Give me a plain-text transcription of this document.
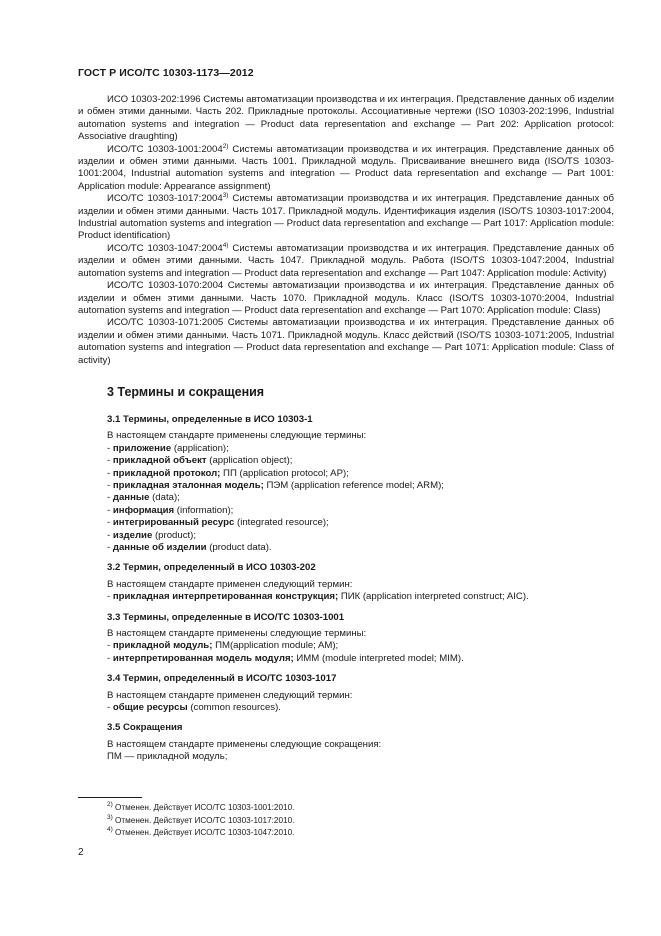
ГОСТ Р ИСО/ТС 10303-1173—2012

ИСО 10303-202:1996 Системы автоматизации производства и их интеграция. Представление данных об изделии и обмен этими данными. Часть 202. Прикладные протоколы. Ассоциативные чертежи (ISO 10303-202:1996, Industrial automation systems and integration — Product data representation and exchange — Part 202: Application protocol: Associative draughting)

ИСО/ТС 10303-1001:2004$^{2)}$ Системы автоматизации производства и их интеграция. Представление данных об изделии и обмен этими данными. Часть 1001. Прикладной модуль. Присваивание внешнего вида (ISO/TS 10303-1001:2004, Industrial automation systems and integration — Product data representation and exchange — Part 1001: Application module: Appearance assignment)

ИСО/ТС 10303-1017:2004$^{3)}$ Системы автоматизации производства и их интеграция. Представление данных об изделии и обмен этими данными. Часть 1017. Прикладной модуль. Идентификация изделия (ISO/TS 10303-1017:2004, Industrial automation systems and integration — Product data representation and exchange — Part 1017: Application module: Product identification)

ИСО/ТС 10303-1047:2004$^{4)}$ Системы автоматизации производства и их интеграция. Представление данных об изделии и обмен этими данными. Часть 1047. Прикладной модуль. Работа (ISO/TS 10303-1047:2004, Industrial automation systems and integration — Product data representation and exchange — Part 1047: Application module: Activity)

ИСО/ТС 10303-1070:2004 Системы автоматизации производства и их интеграция. Представление данных об изделии и обмен этими данными. Часть 1070. Прикладной модуль. Класс (ISO/TS 10303-1070:2004, Industrial automation systems and integration — Product data representation and exchange — Part 1070: Application module: Class)

ИСО/ТС 10303-1071:2005 Системы автоматизации производства и их интеграция. Представление данных об изделии и обмен этими данными. Часть 1071. Прикладной модуль. Класс действий (ISO/TS 10303-1071:2005, Industrial automation systems and integration — Product data representation and exchange — Part 1071: Application module: Class of activity)

3 Термины и сокращения
3.1 Термины, определенные в ИСО 10303-1

В настоящем стандарте применены следующие термины:

- приложение (application);

- прикладной объект (application object);

- прикладной протокол; ПП (application protocol; AP);

- прикладная эталонная модель; ПЭМ (application reference model; ARM);

- данные (data);

- информация (information);

- интегрированный ресурс (integrated resource);

- изделие (product);

- данные об изделии (product data).

3.2 Термин, определенный в ИСО 10303-202

В настоящем стандарте применен следующий термин:

- прикладная интерпретированная конструкция; ПИК (application interpreted construct; AIC).

3.3 Термины, определенные в ИСО/ТС 10303-1001

В настоящем стандарте применены следующие термины:

- прикладной модуль; ПМ(application module; AM);

- интерпретированная модель модуля; ИММ (module interpreted model; MIM).

3.4 Термин, определенный в ИСО/ТС 10303-1017

В настоящем стандарте применен следующий термин:

- общие ресурсы (common resources).

3.5 Сокращения

В настоящем стандарте применены следующие сокращения:

ПМ — прикладной модуль;

$^{2)}$ Отменен. Действует ИСО/ТС 10303-1001:2010.

$^{3)}$ Отменен. Действует ИСО/ТС 10303-1017:2010.

$^{4)}$ Отменен. Действует ИСО/ТС 10303-1047:2010.

2
